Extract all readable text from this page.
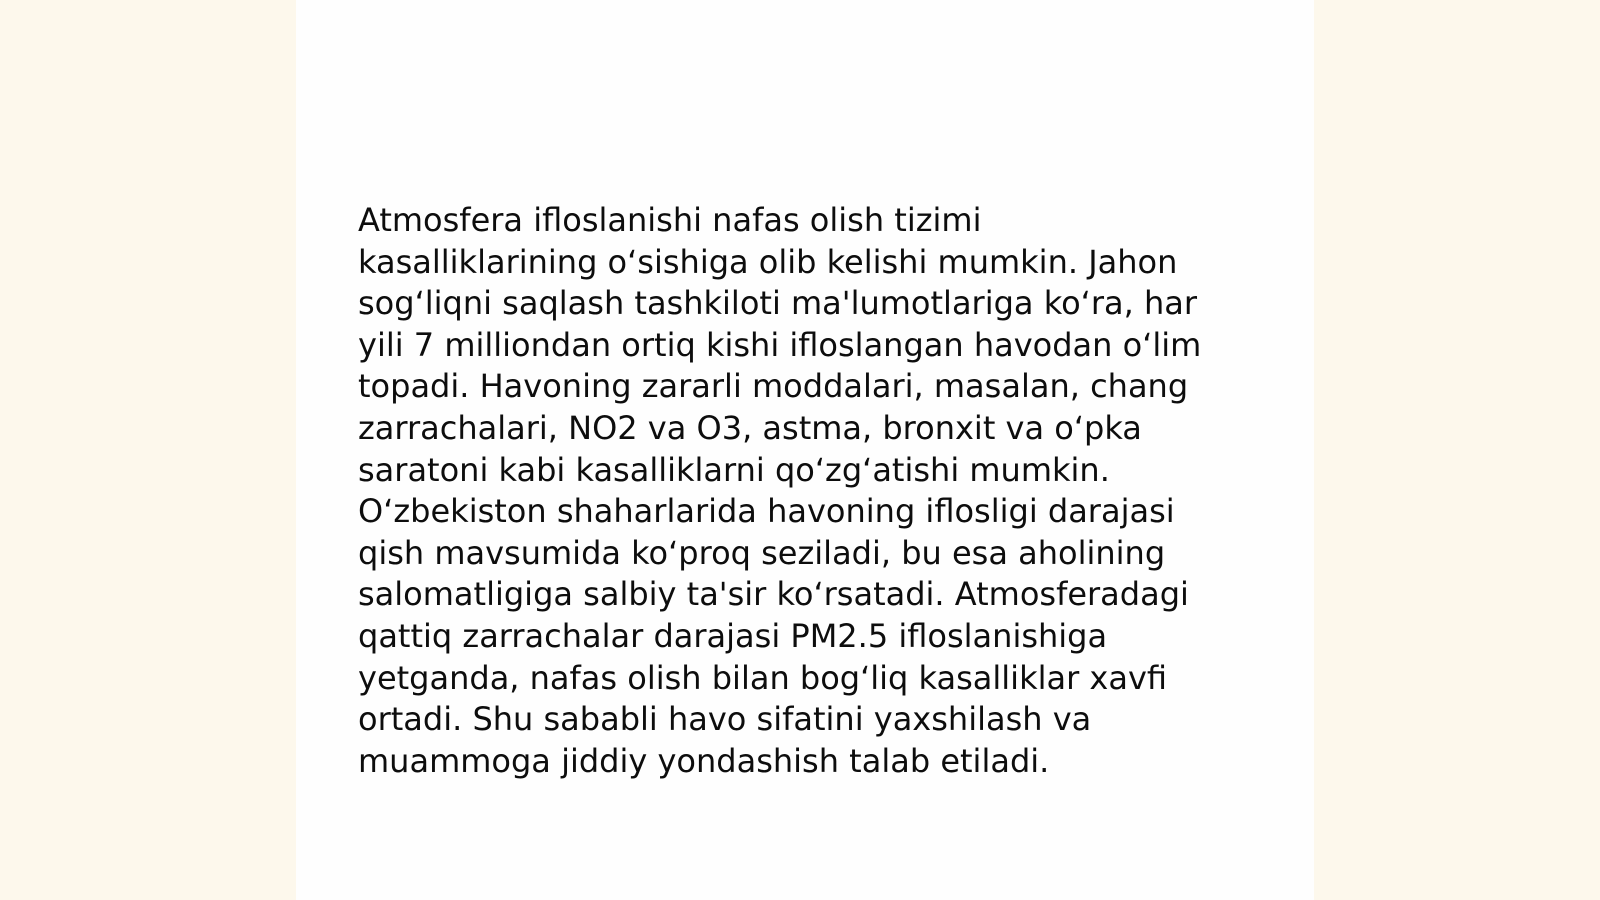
Atmosfera ifloslanishi nafas olish tizimi
kasalliklarining o‘sishiga olib kelishi mumkin. Jahon
sog‘liqni saqlash tashkiloti ma'lumotlariga ko‘ra, har
yili 7 milliondan ortiq kishi ifloslangan havodan o‘lim
topadi. Havoning zararli moddalari, masalan, chang
zarrachalari, NO2 va O3, astma, bronxit va o‘pka
saratoni kabi kasalliklarni qo‘zg‘atishi mumkin.
O‘zbekiston shaharlarida havoning iflosligi darajasi
qish mavsumida ko‘proq seziladi, bu esa aholining
salomatligiga salbiy ta'sir ko‘rsatadi. Atmosferadagi
qattiq zarrachalar darajasi PM2.5 ifloslanishiga
yetganda, nafas olish bilan bog‘liq kasalliklar xavfi
ortadi. Shu sababli havo sifatini yaxshilash va
muammoga jiddiy yondashish talab etiladi.
